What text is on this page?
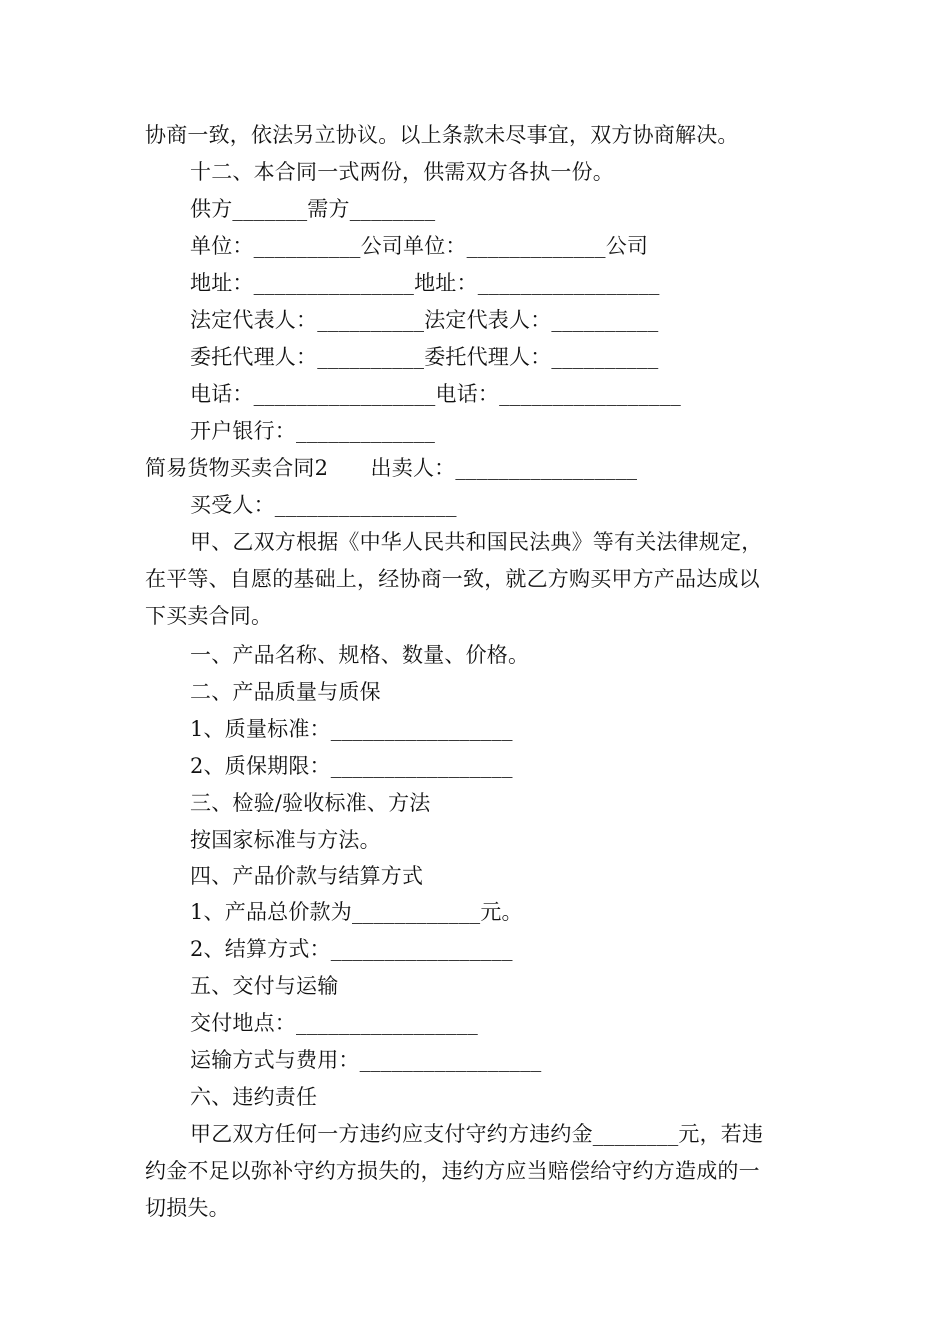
协商一致，依法另立协议。以上条款未尽事宜，双方协商解决。
十二、本合同一式两份，供需双方各执一份。
供方_______需方________
单位：__________公司单位：_____________公司
地址：_______________地址：_________________
法定代表人：__________法定代表人：__________
委托代理人：__________委托代理人：__________
电话：_________________电话：_________________
开户银行：_____________
简易货物买卖合同2　　出卖人：_________________
买受人：_________________
甲、乙双方根据《中华人民共和国民法典》等有关法律规定，
在平等、自愿的基础上，经协商一致，就乙方购买甲方产品达成以
下买卖合同。
一、产品名称、规格、数量、价格。
二、产品质量与质保
1、质量标准：_________________
2、质保期限：_________________
三、检验/验收标准、方法
按国家标准与方法。
四、产品价款与结算方式
1、产品总价款为____________元。
2、结算方式：_________________
五、交付与运输
交付地点：_________________
运输方式与费用：_________________
六、违约责任
甲乙双方任何一方违约应支付守约方违约金________元，若违
约金不足以弥补守约方损失的，违约方应当赔偿给守约方造成的一
切损失。
